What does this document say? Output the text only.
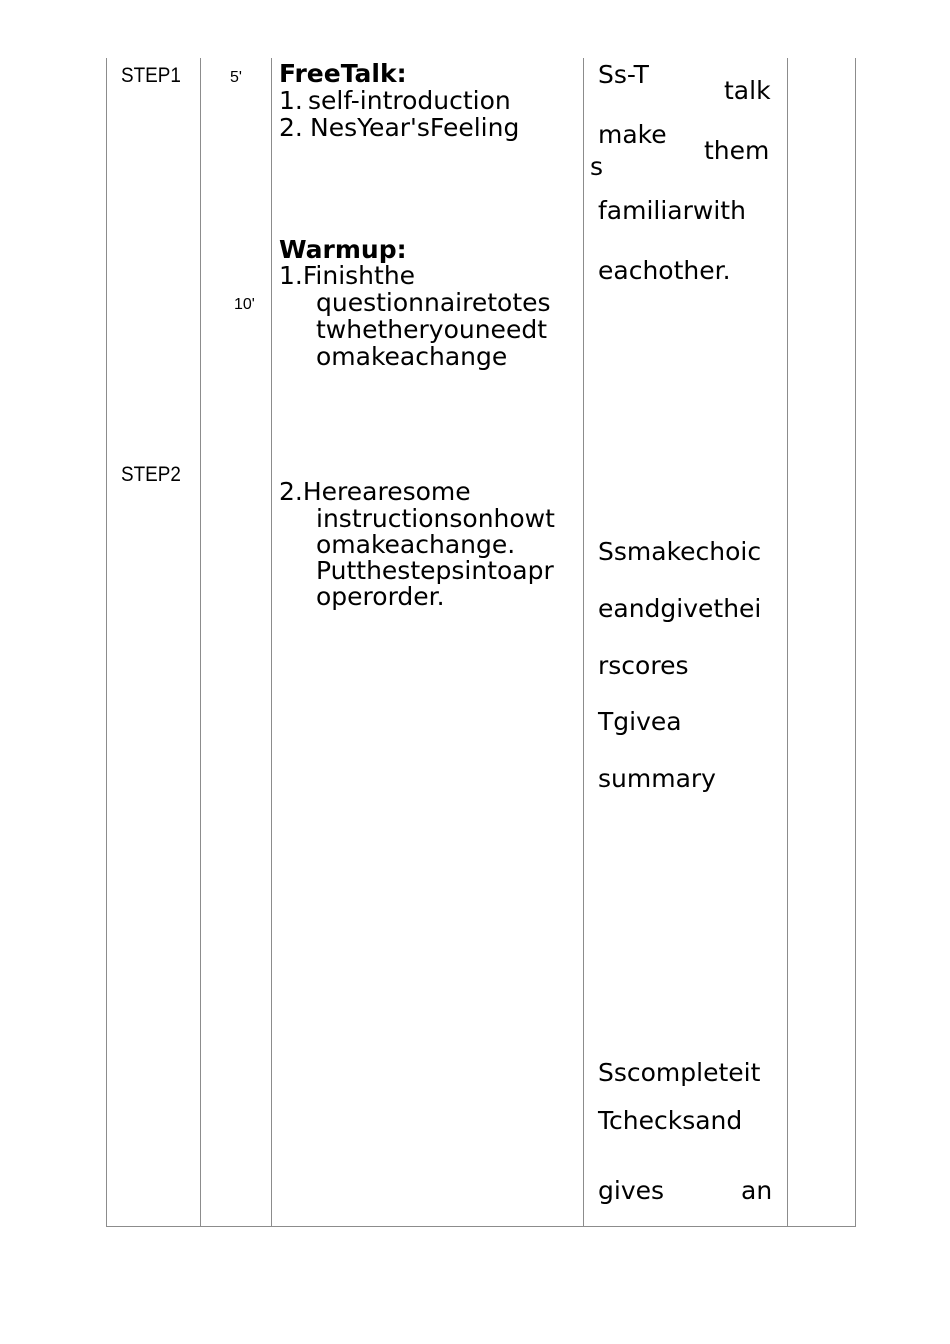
STEP1
STEP2
5'
10'
FreeTalk:
1. self-introduction
2. NesYear'sFeeling
Warmup:
1.Finishthe
questionnairetotes
twhetheryouneedt
omakeachange
2.Herearesome
instructionsonhowt
omakeachange.
Putthestepsintoapr
operorder.
Ss-T
talk
make
them
s
familiarwith
eachother.
Ssmakechoic
eandgivethei
rscores
Tgivea
summary
Sscompleteit
Tchecksand
gives	an
